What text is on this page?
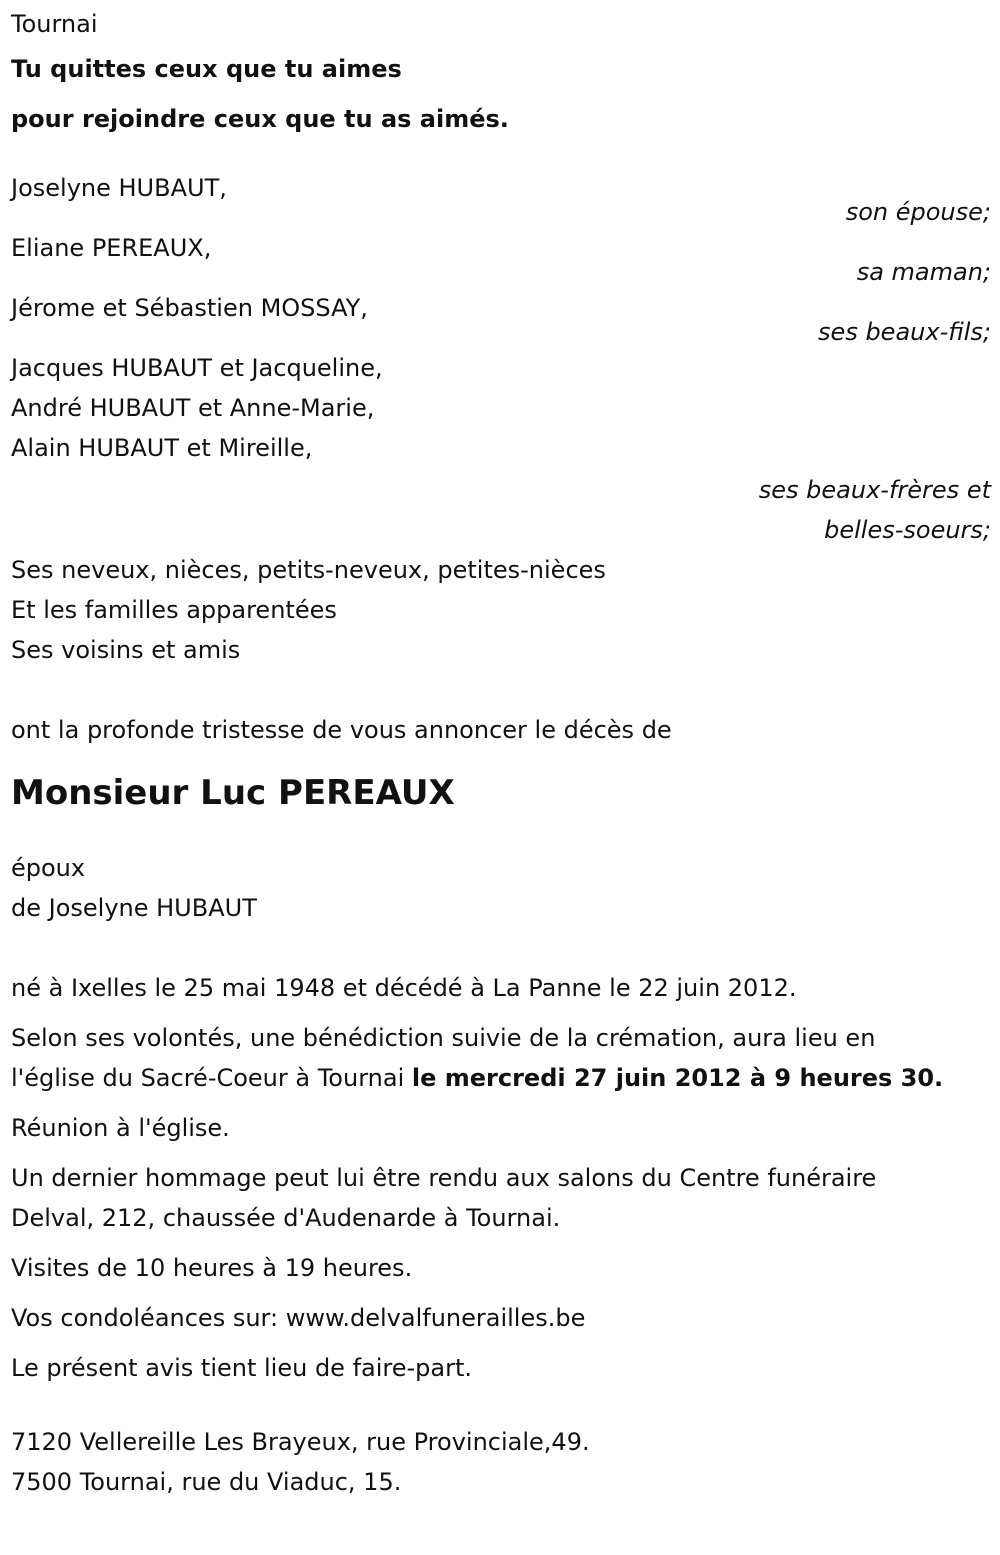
Tournai
Tu quittes ceux que tu aimes
pour rejoindre ceux que tu as aimés.
Joselyne HUBAUT,
son épouse;
Eliane PEREAUX,
sa maman;
Jérome et Sébastien MOSSAY,
ses beaux-fils;
Jacques HUBAUT et Jacqueline,
André HUBAUT et Anne-Marie,
Alain HUBAUT et Mireille,
ses beaux-frères et
belles-soeurs;
Ses neveux, nièces, petits-neveux, petites-nièces
Et les familles apparentées
Ses voisins et amis
ont la profonde tristesse de vous annoncer le décès de
Monsieur Luc PEREAUX
époux
de Joselyne HUBAUT
né à Ixelles le 25 mai 1948 et décédé à La Panne le 22 juin 2012.
Selon ses volontés, une bénédiction suivie de la crémation, aura lieu en
l'église du Sacré-Coeur à Tournai le mercredi 27 juin 2012 à 9 heures 30.
Réunion à l'église.
Un dernier hommage peut lui être rendu aux salons du Centre funéraire
Delval, 212, chaussée d'Audenarde à Tournai.
Visites de 10 heures à 19 heures.
Vos condoléances sur: www.delvalfunerailles.be
Le présent avis tient lieu de faire-part.
7120 Vellereille Les Brayeux, rue Provinciale,49.
7500 Tournai, rue du Viaduc, 15.
